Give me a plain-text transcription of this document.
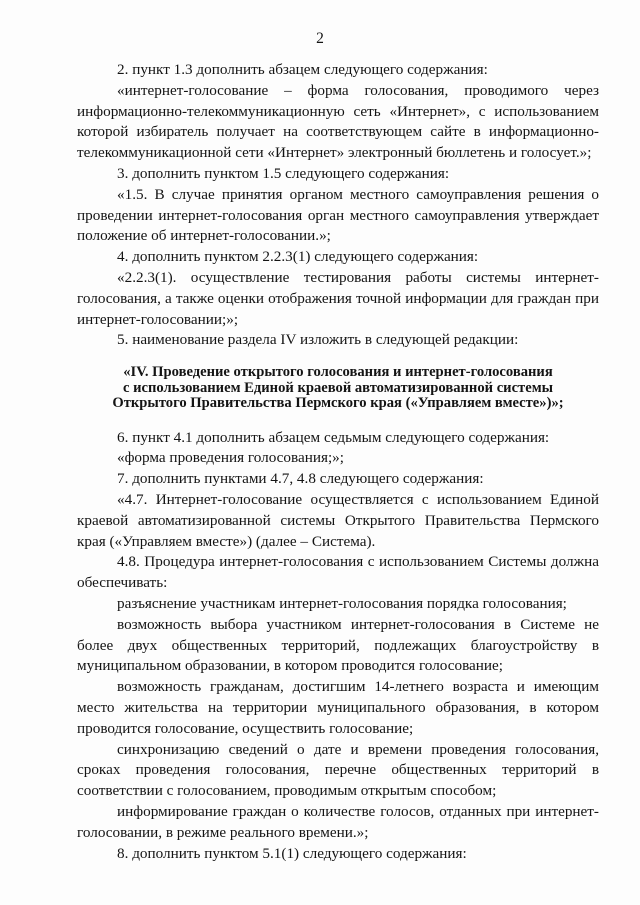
2

2. пункт 1.3 дополнить абзацем следующего содержания:

«интернет-голосование – форма голосования, проводимого через информационно-телекоммуникационную сеть «Интернет», с использованием которой избиратель получает на соответствующем сайте в информационно-телекоммуникационной сети «Интернет» электронный бюллетень и голосует.»;

3. дополнить пунктом 1.5 следующего содержания:

«1.5. В случае принятия органом местного самоуправления решения о проведении интернет-голосования орган местного самоуправления утверждает положение об интернет-голосовании.»;

4. дополнить пунктом 2.2.3(1) следующего содержания:

«2.2.3(1). осуществление тестирования работы системы интернет-голосования, а также оценки отображения точной информации для граждан при интернет-голосовании;»;

5. наименование раздела IV изложить в следующей редакции:

«IV. Проведение открытого голосования и интернет-голосования
с использованием Единой краевой автоматизированной системы
Открытого Правительства Пермского края («Управляем вместе»)»;

6. пункт 4.1 дополнить абзацем седьмым следующего содержания:

«форма проведения голосования;»;

7. дополнить пунктами 4.7, 4.8 следующего содержания:

«4.7. Интернет-голосование осуществляется с использованием Единой краевой автоматизированной системы Открытого Правительства Пермского края («Управляем вместе») (далее – Система).

4.8. Процедура интернет-голосования с использованием Системы должна обеспечивать:

разъяснение участникам интернет-голосования порядка голосования;

возможность выбора участником интернет-голосования в Системе не более двух общественных территорий, подлежащих благоустройству в муниципальном образовании, в котором проводится голосование;

возможность гражданам, достигшим 14-летнего возраста и имеющим место жительства на территории муниципального образования, в котором проводится голосование, осуществить голосование;

синхронизацию сведений о дате и времени проведения голосования, сроках проведения голосования, перечне общественных территорий в соответствии с голосованием, проводимым открытым способом;

информирование граждан о количестве голосов, отданных при интернет-голосовании, в режиме реального времени.»;

8. дополнить пунктом 5.1(1) следующего содержания:
